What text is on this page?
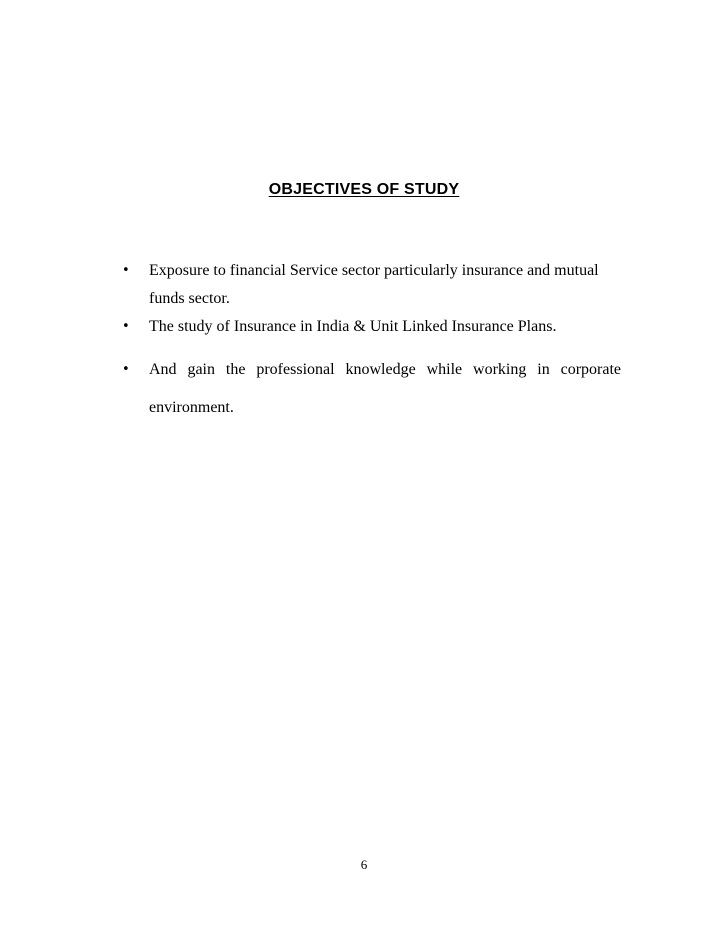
OBJECTIVES OF STUDY
• Exposure to financial Service sector particularly insurance and mutual funds sector.
• The study of Insurance in India & Unit Linked Insurance Plans.
• And gain the professional knowledge while working in corporate environment.
6
